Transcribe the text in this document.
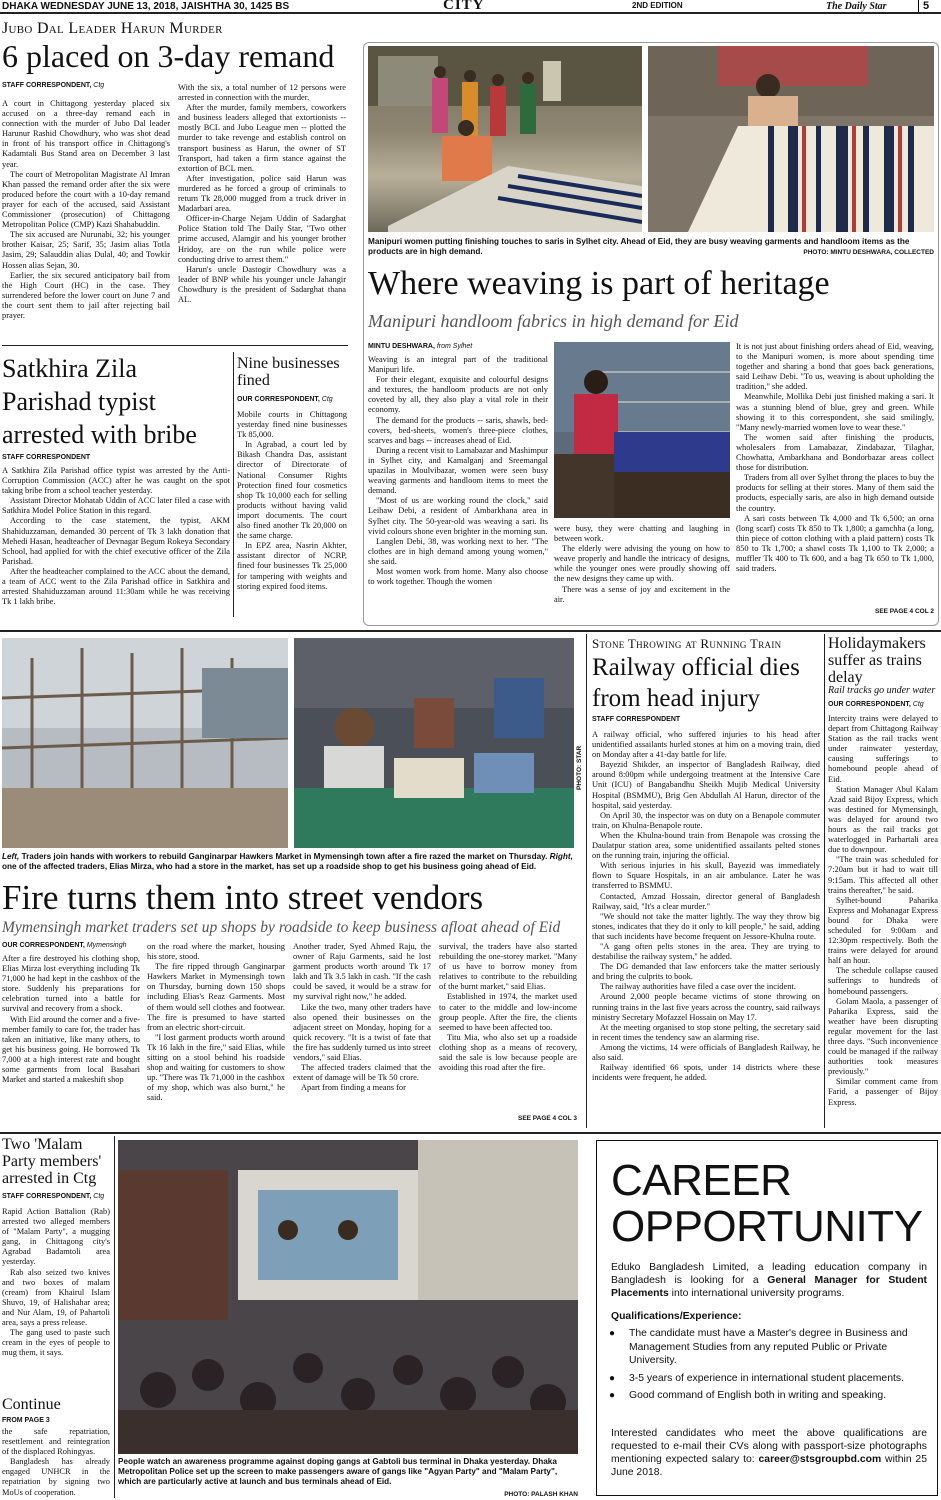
DHAKA WEDNESDAY JUNE 13, 2018, JAISHTHA 30, 1425 BS	CITY	2ND EDITION	The Daily Star	5
Jubo Dal Leader Harun Murder
6 placed on 3-day remand
STAFF CORRESPONDENT, Ctg

A court in Chittagong yesterday placed six accused on a three-day remand each in connection with the murder of Jubo Dal leader Harunur Rashid Chowdhury, who was shot dead in front of his transport office in Chittagong's Kadamtali Bus Stand area on December 3 last year.

The court of Metropolitan Magistrate Al Imran Khan passed the remand order after the six were produced before the court with a 10-day remand prayer for each of the accused, said Assistant Commissioner (prosecution) of Chittagong Metropolitan Police (CMP) Kazi Shahabuddin.

The six accused are Nurunabi, 32; his younger brother Kaisar, 25; Sarif, 35; Jasim alias Totla Jasim, 29; Salauddin alias Dulal, 40; and Towkir Hossen alias Sejan, 30.

Earlier, the six secured anticipatory bail from the High Court (HC) in the case. They surrendered before the lower court on June 7 and the court sent them to jail after rejecting bail prayer.

With the six, a total number of 12 persons were arrested in connection with the murder.

After the murder, family members, coworkers and business leaders alleged that extortionists -- mostly BCL and Jubo League men -- plotted the murder to take revenge and establish control on transport business as Harun, the owner of ST Transport, had taken a firm stance against the extortion of BCL men.

After investigation, police said Harun was murdered as he forced a group of criminals to return Tk 28,000 mugged from a truck driver in Madarbari area.

Officer-in-Charge Nejam Uddin of Sadarghat Police Station told The Daily Star, "Two other prime accused, Alamgir and his younger brother Hridoy, are on the run while police were conducting drive to arrest them."

Harun's uncle Dastogir Chowdhury was a leader of BNP while his younger uncle Jahangir Chowdhury is the president of Sadarghat thana AL.

Satkhira Zila Parishad typist arrested with bribe
STAFF CORRESPONDENT

A Satkhira Zila Parishad office typist was arrested by the Anti-Corruption Commission (ACC) after he was caught on the spot taking bribe from a school teacher yesterday.

Assistant Director Mohatab Uddin of ACC later filed a case with Satkhira Model Police Station in this regard.

According to the case statement, the typist, AKM Shahiduzzaman, demanded 30 percent of Tk 3 lakh donation that Mehedi Hasan, headteacher of Devnagar Begum Rokeya Secondary School, had applied for with the chief executive officer of the Zila Parishad.

After the headteacher complained to the ACC about the demand, a team of ACC went to the Zila Parishad office in Satkhira and arrested Shahiduzzaman around 11:30am while he was receiving Tk 1 lakh bribe.

Nine businesses fined
OUR CORRESPONDENT, Ctg

Mobile courts in Chittagong yesterday fined nine businesses Tk 85,000.

In Agrabad, a court led by Bikash Chandra Das, assistant director of Directorate of National Consumer Rights Protection fined four cosmetics shop Tk 10,000 each for selling products without having valid import documents. The court also fined another Tk 20,000 on the same charge.

In EPZ area, Nasrin Akhter, assistant director of NCRP, fined four businesses Tk 25,000 for tampering with weights and storing expired food items.

Manipuri women putting finishing touches to saris in Sylhet city. Ahead of Eid, they are busy weaving garments and handloom items as the products are in high demand.	PHOTO: MINTU DESHWARA, COLLECTED
Where weaving is part of heritage
Manipuri handloom fabrics in high demand for Eid
MINTU DESHWARA, from Sylhet

Weaving is an integral part of the traditional Manipuri life.

For their elegant, exquisite and colourful designs and textures, the handloom products are not only coveted by all, they also play a vital role in their economy.

The demand for the products -- saris, shawls, bed-covers, bed-sheets, women's three-piece clothes, scarves and bags -- increases ahead of Eid.

During a recent visit to Lamabazar and Mashimpur in Sylhet city, and Kamalganj and Sreemangal upazilas in Moulvibazar, women were seen busy weaving garments and handloom items to meet the demand.

"Most of us are working round the clock," said Leihaw Debi, a resident of Ambarkhana area in Sylhet city. The 50-year-old was weaving a sari. Its vivid colours shone even brighter in the morning sun.

Langlen Debi, 38, was working next to her. "The clothes are in high demand among young women," she said.

Most women work from home. Many also choose to work together. Though the women

were busy, they were chatting and laughing in between work.

The elderly were advising the young on how to weave properly and handle the intricacy of designs, while the younger ones were proudly showing off the new designs they came up with.

There was a sense of joy and excitement in the air.

It is not just about finishing orders ahead of Eid, weaving, to the Manipuri women, is more about spending time together and sharing a bond that goes back generations, said Leihaw Debi. "To us, weaving is about upholding the tradition," she added.

Meanwhile, Mollika Debi just finished making a sari. It was a stunning blend of blue, grey and green. While showing it to this correspondent, she said smilingly, "Many newly-married women love to wear these."

The women said after finishing the products, wholesalers from Lamabazar, Zindabazar, Tilaghar, Chowhatta, Ambarkhana and Bondorbazar areas collect those for distribution.

Traders from all over Sylhet throng the places to buy the products for selling at their stores. Many of them said the products, especially saris, are also in high demand outside the country.

A sari costs between Tk 4,000 and Tk 6,500; an orna (long scarf) costs Tk 850 to Tk 1,800; a gamchha (a long, thin piece of cotton clothing with a plaid pattern) costs Tk 850 to Tk 1,700; a shawl costs Tk 1,100 to Tk 2,000; a muffler Tk 400 to Tk 600, and a bag Tk 650 to Tk 1,000, said traders.

SEE PAGE 4 COL 2
PHOTO: STAR
Left, Traders join hands with workers to rebuild Ganginarpar Hawkers Market in Mymensingh town after a fire razed the market on Thursday. Right, one of the affected traders, Elias Mirza, who had a store in the market, has set up a roadside shop to get his business going ahead of Eid.
Fire turns them into street vendors
Mymensingh market traders set up shops by roadside to keep business afloat ahead of Eid
OUR CORRESPONDENT, Mymensingh

After a fire destroyed his clothing shop, Elias Mirza lost everything including Tk 71,000 he had kept in the cashbox of the store. Suddenly his preparations for celebration turned into a battle for survival and recovery from a shock.

With Eid around the corner and a five-member family to care for, the trader has taken an initiative, like many others, to get his business going. He borrowed Tk 7,000 at a high interest rate and bought some garments from local Basabari Market and started a makeshift shop

on the road where the market, housing his store, stood.

The fire ripped through Ganginarpar Hawkers Market in Mymensingh town on Thursday, burning down 150 shops including Elias's Reaz Garments. Most of them would sell clothes and footwear. The fire is presumed to have started from an electric short-circuit.

"I lost garment products worth around Tk 16 lakh in the fire," said Elias, while sitting on a stool behind his roadside shop and waiting for customers to show up. "There was Tk 71,000 in the cashbox of my shop, which was also burnt," he said.

Another trader, Syed Ahmed Raju, the owner of Raju Garments, said he lost garment products worth around Tk 17 lakh and Tk 3.5 lakh in cash. "If the cash could be saved, it would be a straw for my survival right now," he added.

Like the two, many other traders have also opened their businesses on the adjacent street on Monday, hoping for a quick recovery. "It is a twist of fate that the fire has suddenly turned us into street vendors," said Elias.

The affected traders claimed that the extent of damage will be Tk 50 crore.

Apart from finding a means for

survival, the traders have also started rebuilding the one-storey market. "Many of us have to borrow money from relatives to contribute to the rebuilding of the burnt market," said Elias.

Established in 1974, the market used to cater to the middle and low-income group people. After the fire, the clients seemed to have been affected too.

Titu Mia, who also set up a roadside clothing shop as a means of recovery, said the sale is low because people are avoiding this road after the fire.

SEE PAGE 4 COL 3
Stone Throwing at Running Train
Railway official dies from head injury
STAFF CORRESPONDENT

A railway official, who suffered injuries to his head after unidentified assailants hurled stones at him on a moving train, died on Monday after a 41-day battle for life.

Bayezid Shikder, an inspector of Bangladesh Railway, died around 8:00pm while undergoing treatment at the Intensive Care Unit (ICU) of Bangabandhu Sheikh Mujib Medical University Hospital (BSMMU), Brig Gen Abdullah Al Harun, director of the hospital, said yesterday.

On April 30, the inspector was on duty on a Benapole commuter train, on Khulna-Benapole route.

When the Khulna-bound train from Benapole was crossing the Daulatpur station area, some unidentified assailants pelted stones on the running train, injuring the official.

With serious injuries in his skull, Bayezid was immediately flown to Square Hospitals, in an air ambulance. Later he was transferred to BSMMU.

Contacted, Amzad Hossain, director general of Bangladesh Railway, said, "It's a clear murder."

"We should not take the matter lightly. The way they throw big stones, indicates that they do it only to kill people," he said, adding that such incidents have become frequent on Jessore-Khulna route.

"A gang often pelts stones in the area. They are trying to destabilise the railway system," he added.

The DG demanded that law enforcers take the matter seriously and bring the culprits to book.

The railway authorities have filed a case over the incident.

Around 2,000 people became victims of stone throwing on running trains in the last five years across the country, said railways ministry Secretary Mofazzel Hossain on May 17.

At the meeting organised to stop stone pelting, the secretary said in recent times the tendency saw an alarming rise.

Among the victims, 14 were officials of Bangladesh Railway, he also said.

Railway identified 66 spots, under 14 districts where these incidents were frequent, he added.

Holidaymakers suffer as trains delay
Rail tracks go under water
OUR CORRESPONDENT, Ctg

Intercity trains were delayed to depart from Chittagong Railway Station as the rail tracks went under rainwater yesterday, causing sufferings to homebound people ahead of Eid.

Station Manager Abul Kalam Azad said Bijoy Express, which was destined for Mymensingh, was delayed for around two hours as the rail tracks got waterlogged in Parhartali area due to downpour.

"The train was scheduled for 7:20am but it had to wait till 9:15am. This affected all other trains thereafter," he said.

Sylhet-bound Paharika Express and Mohanagar Express bound for Dhaka were scheduled for 9:00am and 12:30pm respectively. Both the trains were delayed for around half an hour.

The schedule collapse caused sufferings to hundreds of homebound passengers.

Golam Maola, a passenger of Paharika Express, said the weather have been disrupting regular movement for the last three days. "Such inconvenience could be managed if the railway authorities took measures previously."

Similar comment came from Farid, a passenger of Bijoy Express.

Two 'Malam Party members' arrested in Ctg
STAFF CORRESPONDENT, Ctg

Rapid Action Battalion (Rab) arrested two alleged members of "Malam Party", a mugging gang, in Chittagong city's Agrabad Badamtoli area yesterday.

Rab also seized two knives and two boxes of malam (cream) from Khairul Islam Shuvo, 19, of Halishahar area; and Nur Alam, 19, of Pahartoli area, says a press release.

The gang used to paste such cream in the eyes of people to mug them, it says.

Continue
FROM PAGE 3

the safe repatriation, resettlement and reintegration of the displaced Rohingyas.

Bangladesh has already engaged UNHCR in the repatriation by signing two MoUs of cooperation.

People watch an awareness programme against doping gangs at Gabtoli bus terminal in Dhaka yesterday. Dhaka Metropolitan Police set up the screen to make passengers aware of gangs like "Agyan Party" and "Malam Party", which are particularly active at launch and bus terminals ahead of Eid.
PHOTO: PALASH KHAN
CAREER
OPPORTUNITY
Eduko Bangladesh Limited, a leading education company in Bangladesh is looking for a General Manager for Student Placements into international university programs.
Qualifications/Experience:
● The candidate must have a Master's degree in Business and Management Studies from any reputed Public or Private University.
● 3-5 years of experience in international student placements.
● Good command of English both in writing and speaking.
Interested candidates who meet the above qualifications are requested to e-mail their CVs along with passport-size photographs mentioning expected salary to: career@stsgroupbd.com within 25 June 2018.
